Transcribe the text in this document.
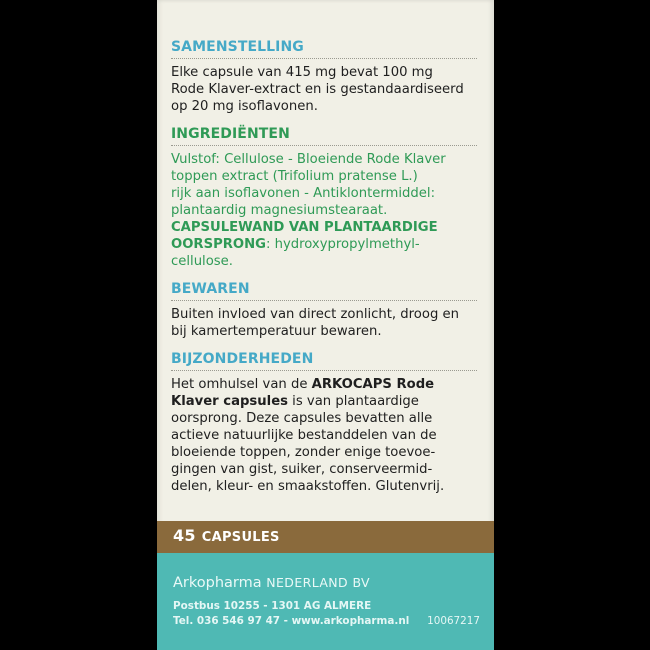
SAMENSTELLING

Elke capsule van 415 mg bevat 100 mg

Rode Klaver-extract en is gestandaardiseerd

op 20 mg isoflavonen.

INGREDIËNTEN

Vulstof: Cellulose - Bloeiende Rode Klaver

toppen extract (Trifolium pratense L.)

rijk aan isoflavonen - Antiklontermiddel:

plantaardig magnesiumstearaat.

CAPSULEWAND VAN PLANTAARDIGE

OORSPRONG: hydroxypropylmethyl-

cellulose.

BEWAREN

Buiten invloed van direct zonlicht, droog en

bij kamertemperatuur bewaren.

BIJZONDERHEDEN

Het omhulsel van de ARKOCAPS Rode

Klaver capsules is van plantaardige

oorsprong. Deze capsules bevatten alle

actieve natuurlijke bestanddelen van de

bloeiende toppen, zonder enige toevoe-

gingen van gist, suiker, conserveermid-

delen, kleur- en smaakstoffen. Glutenvrij.

45 CAPSULES
Arkopharma NEDERLAND BV
Postbus 10255 - 1301 AG ALMERE
Tel. 036 546 97 47 - www.arkopharma.nl 10067217
